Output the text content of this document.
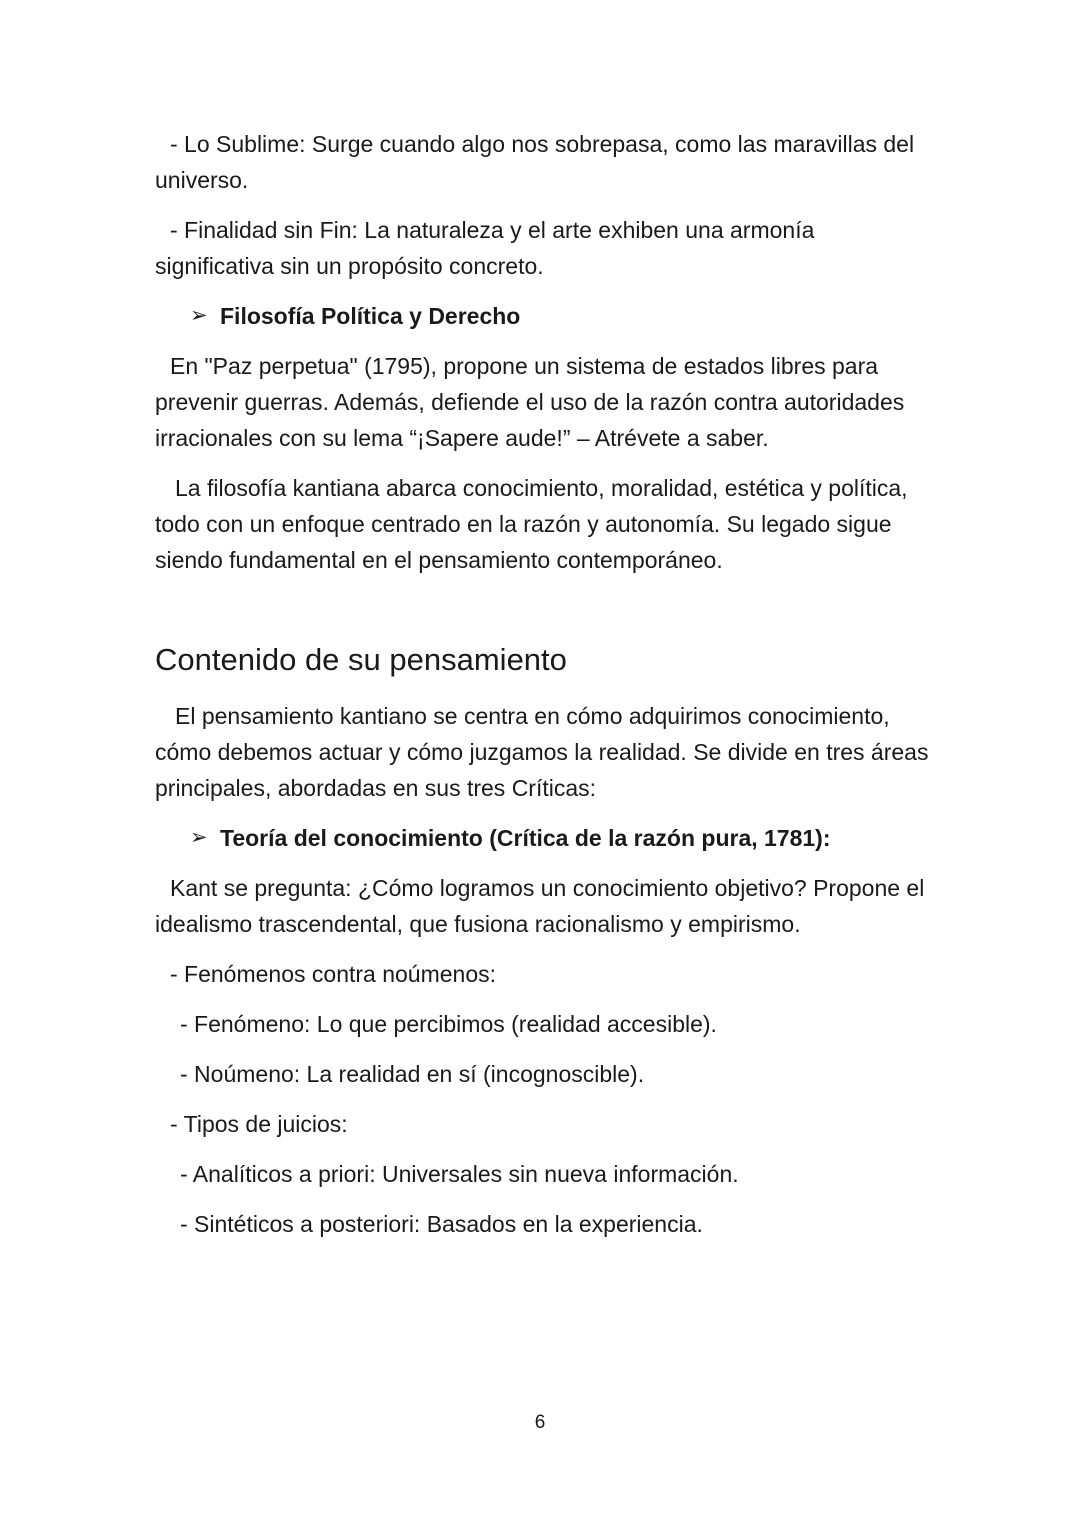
- Lo Sublime: Surge cuando algo nos sobrepasa, como las maravillas del universo.

- Finalidad sin Fin: La naturaleza y el arte exhiben una armonía significativa sin un propósito concreto.

➢ Filosofía Política y Derecho

En "Paz perpetua" (1795), propone un sistema de estados libres para prevenir guerras. Además, defiende el uso de la razón contra autoridades irracionales con su lema “¡Sapere aude!” – Atrévete a saber.

La filosofía kantiana abarca conocimiento, moralidad, estética y política, todo con un enfoque centrado en la razón y autonomía. Su legado sigue siendo fundamental en el pensamiento contemporáneo.

Contenido de su pensamiento

El pensamiento kantiano se centra en cómo adquirimos conocimiento, cómo debemos actuar y cómo juzgamos la realidad. Se divide en tres áreas principales, abordadas en sus tres Críticas:

➢ Teoría del conocimiento (Crítica de la razón pura, 1781):

Kant se pregunta: ¿Cómo logramos un conocimiento objetivo? Propone el idealismo trascendental, que fusiona racionalismo y empirismo.

- Fenómenos contra noúmenos:

- Fenómeno: Lo que percibimos (realidad accesible).

- Noúmeno: La realidad en sí (incognoscible).

- Tipos de juicios:

- Analíticos a priori: Universales sin nueva información.

- Sintéticos a posteriori: Basados en la experiencia.

6
